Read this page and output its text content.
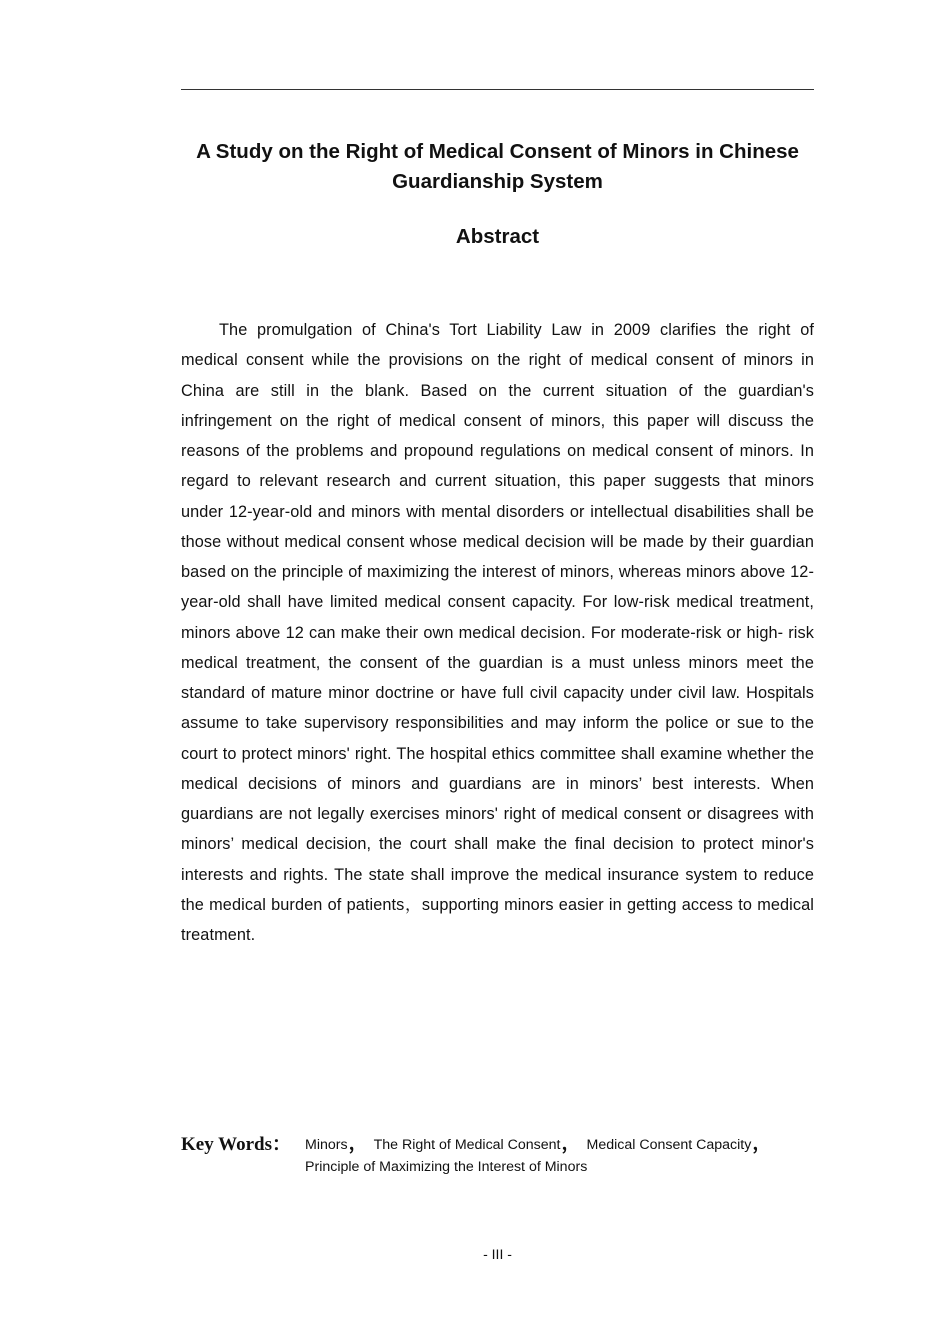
A Study on the Right of Medical Consent of Minors in Chinese Guardianship System
Abstract

The promulgation of China's Tort Liability Law in 2009 clarifies the right of medical consent while the provisions on the right of medical consent of minors in China are still in the blank. Based on the current situation of the guardian's infringement on the right of medical consent of minors, this paper will discuss the reasons of the problems and propound regulations on medical consent of minors. In regard to relevant research and current situation, this paper suggests that minors under 12-year-old and minors with mental disorders or intellectual disabilities shall be those without medical consent whose medical decision will be made by their guardian based on the principle of maximizing the interest of minors, whereas minors above 12-year-old shall have limited medical consent capacity. For low-risk medical treatment, minors above 12 can make their own medical decision. For moderate-risk or high- risk medical treatment, the consent of the guardian is a must unless minors meet the standard of mature minor doctrine or have full civil capacity under civil law. Hospitals assume to take supervisory responsibilities and may inform the police or sue to the court to protect minors' right. The hospital ethics committee shall examine whether the medical decisions of minors and guardians are in minors’ best interests. When guardians are not legally exercises minors' right of medical consent or disagrees with minors’ medical decision, the court shall make the final decision to protect minor's interests and rights. The state shall improve the medical insurance system to reduce the medical burden of patients，supporting minors easier in getting access to medical treatment.

Key Words： Minors， The Right of Medical Consent， Medical Consent Capacity，Principle of Maximizing the Interest of Minors
- III -
